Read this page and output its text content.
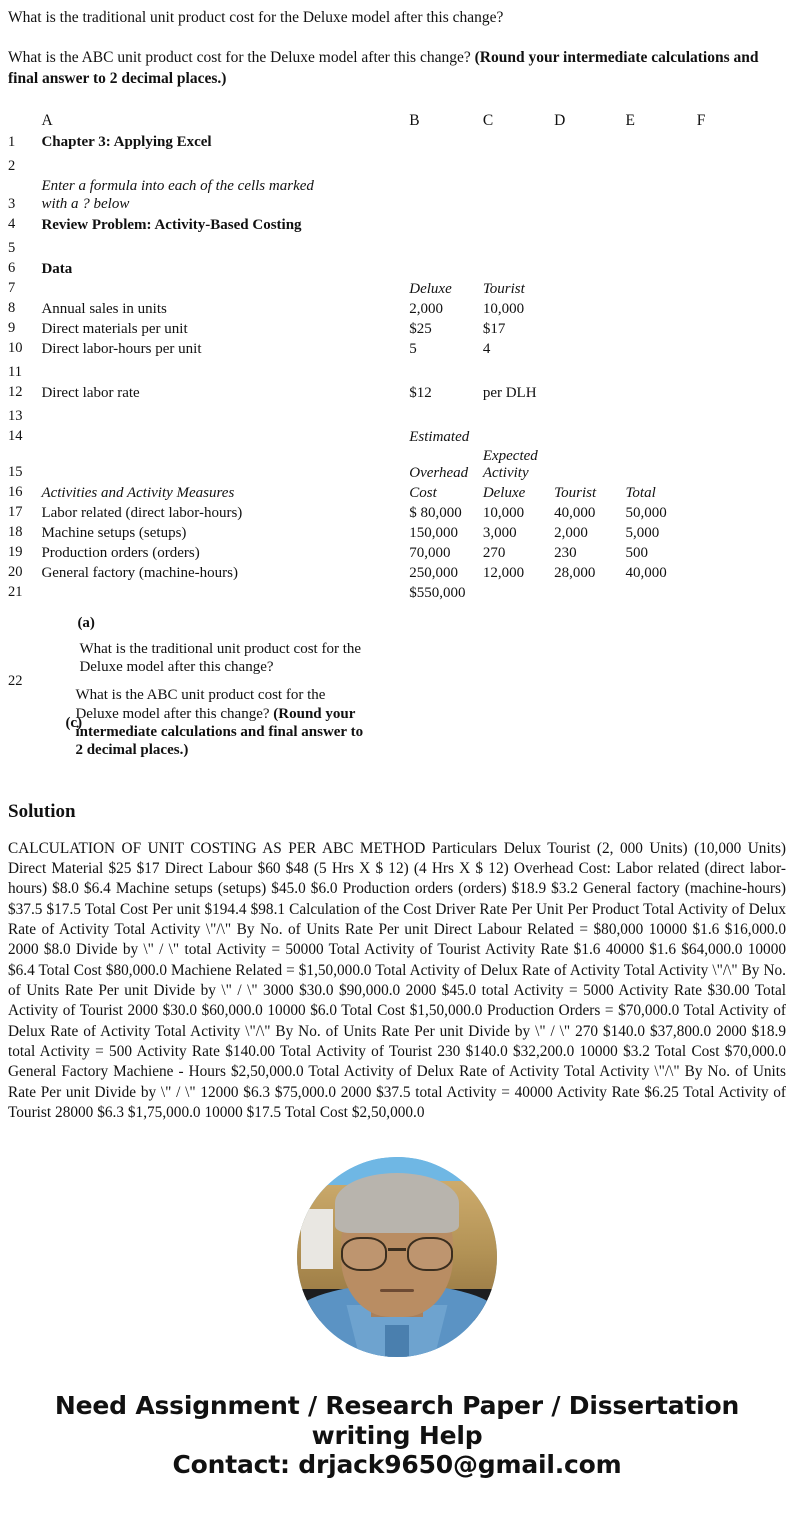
What is the traditional unit product cost for the Deluxe model after this change?

What is the ABC unit product cost for the Deluxe model after this change? (Round your intermediate calculations and final answer to 2 decimal places.)

	A	B	C	D	E	F
1	Chapter 3: Applying Excel					
2						
3	Enter a formula into each of the cells marked with a ? below					

4	Review Problem: Activity-Based Costing					
5						
6	Data					
7		Deluxe	Tourist			
8	Annual sales in units	2,000	10,000			
9	Direct materials per unit	$25	$17			
10	Direct labor-hours per unit	5	4			
11						
12	Direct labor rate	$12	per DLH			
13						
14		Estimated				
15		Overhead	Expected Activity			

16	Activities and Activity Measures	Cost	Deluxe	Tourist	Total	
17	Labor related (direct labor-hours)	$ 80,000	10,000	40,000	50,000	
18	Machine setups (setups)	150,000	3,000	2,000	5,000	
19	Production orders (orders)	70,000	270	230	500	
20	General factory (machine-hours)	250,000	12,000	28,000	40,000	
21		$550,000				
22	(a)
What is the traditional unit product cost for the Deluxe model after this change?
(c)
What is the ABC unit product cost for the Deluxe model after this change? (Round your intermediate calculations and final answer to 2 decimal places.)					
Solution

CALCULATION OF UNIT COSTING AS PER ABC METHOD Particulars Delux Tourist (2, 000 Units) (10,000 Units) Direct Material $25 $17 Direct Labour $60 $48 (5 Hrs X $ 12) (4 Hrs X $ 12) Overhead Cost: Labor related (direct labor-hours) $8.0 $6.4 Machine setups (setups) $45.0 $6.0 Production orders (orders) $18.9 $3.2 General factory (machine-hours) $37.5 $17.5 Total Cost Per unit $194.4 $98.1 Calculation of the Cost Driver Rate Per Unit Per Product Total Activity of Delux Rate of Activity Total Activity \"/\" By No. of Units Rate Per unit Direct Labour Related = $80,000 10000 $1.6 $16,000.0 2000 $8.0 Divide by \" / \" total Activity = 50000 Total Activity of Tourist Activity Rate $1.6 40000 $1.6 $64,000.0 10000 $6.4 Total Cost $80,000.0 Machiene Related = $1,50,000.0 Total Activity of Delux Rate of Activity Total Activity \"/\" By No. of Units Rate Per unit Divide by \" / \" 3000 $30.0 $90,000.0 2000 $45.0 total Activity = 5000 Activity Rate $30.00 Total Activity of Tourist 2000 $30.0 $60,000.0 10000 $6.0 Total Cost $1,50,000.0 Production Orders = $70,000.0 Total Activity of Delux Rate of Activity Total Activity \"/\" By No. of Units Rate Per unit Divide by \" / \" 270 $140.0 $37,800.0 2000 $18.9 total Activity = 500 Activity Rate $140.00 Total Activity of Tourist 230 $140.0 $32,200.0 10000 $3.2 Total Cost $70,000.0 General Factory Machiene - Hours $2,50,000.0 Total Activity of Delux Rate of Activity Total Activity \"/\" By No. of Units Rate Per unit Divide by \" / \" 12000 $6.3 $75,000.0 2000 $37.5 total Activity = 40000 Activity Rate $6.25 Total Activity of Tourist 28000 $6.3 $1,75,000.0 10000 $17.5 Total Cost $2,50,000.0

Need Assignment / Research Paper / Dissertation
writing Help
Contact: drjack9650@gmail.com
